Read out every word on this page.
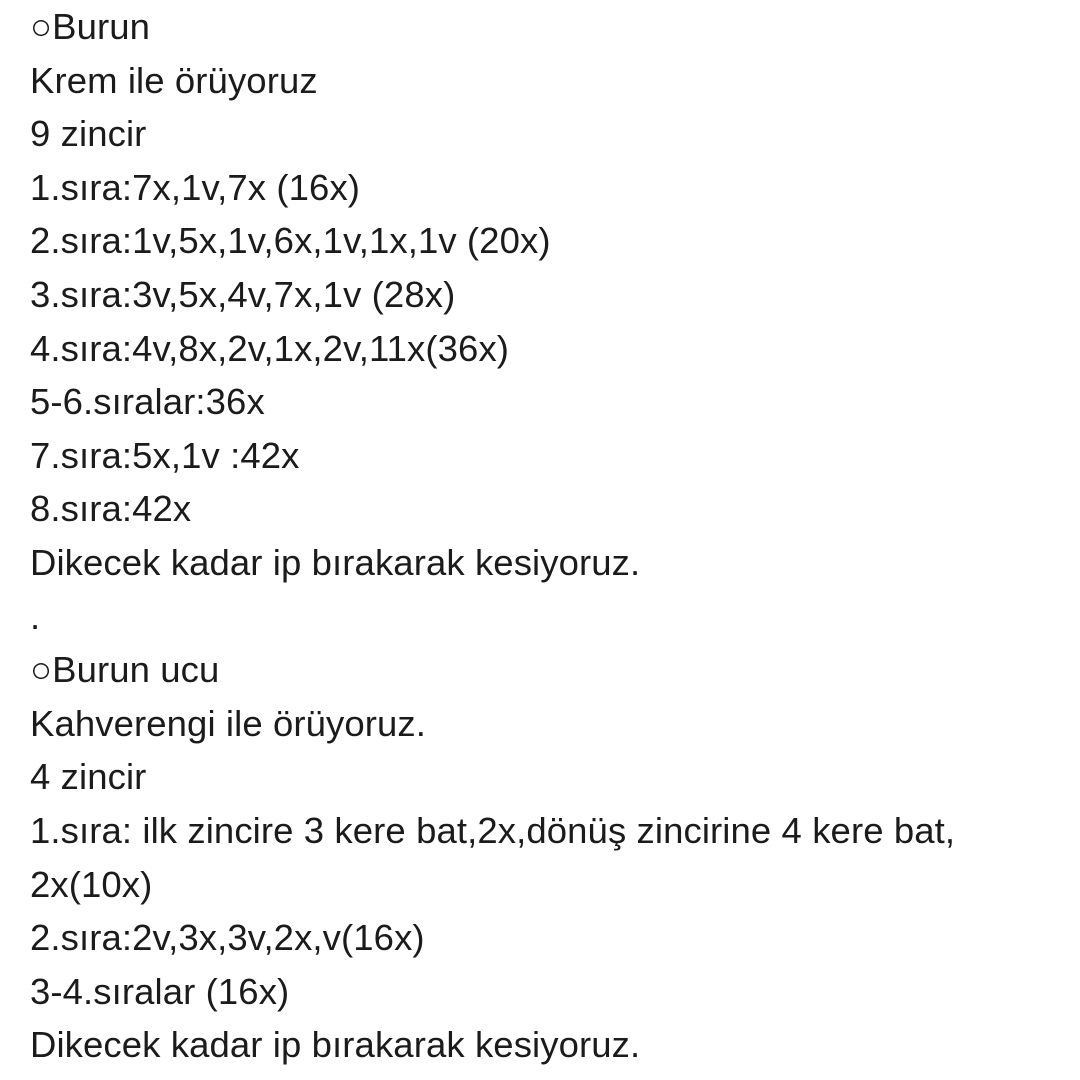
○Burun
Krem ile örüyoruz
9 zincir
1.sıra:7x,1v,7x (16x)
2.sıra:1v,5x,1v,6x,1v,1x,1v (20x)
3.sıra:3v,5x,4v,7x,1v (28x)
4.sıra:4v,8x,2v,1x,2v,11x(36x)
5-6.sıralar:36x
7.sıra:5x,1v :42x
8.sıra:42x
Dikecek kadar ip bırakarak kesiyoruz.
.
○Burun ucu
Kahverengi ile örüyoruz.
4 zincir
1.sıra: ilk zincire 3 kere bat,2x,dönüş zincirine 4 kere bat, 2x(10x)
2.sıra:2v,3x,3v,2x,v(16x)
3-4.sıralar (16x)
Dikecek kadar ip bırakarak kesiyoruz.
